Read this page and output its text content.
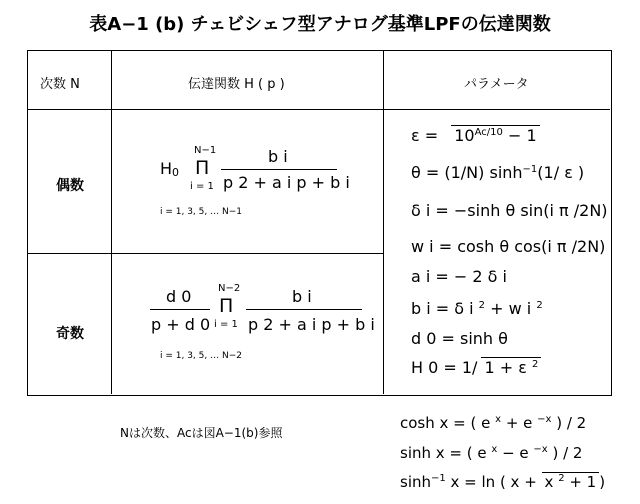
表A−1 (b) チェビシェフ型アナログ基準LPFの伝達関数
次数 N	伝達関数 H ( p )	パラメータ
偶数
奇数
$H_0$
N−1
Π
i = 1
b i
p 2 + a i p + b i
i = 1, 3, 5, … N−1
d 0
p + d 0
N−2
Π
i = 1
b i
p 2 + a i p + b i
i = 1, 3, 5, … N−2
$\varepsilon = 10^{Ac/10} - 1$
θ = (1/N) $\sinh^{-1}(1/$ ε )
δ i = −sinh θ sin(i π /2N)
w i = cosh θ cos(i π /2N)
a i = − 2 δ i
b i = δ i $^2$ + w i $^2$
d 0 = sinh θ
H 0 = 1/ 1 + ε $^2$
Nは次数、Acは図A−1(b)参照
cosh x = ( e $^x$ + e $^{-x}$ ) / 2
sinh x = ( e $^x$ − e $^{-x}$ ) / 2
$\sinh^{-1} x = \ln$ ( x + x $^2$ + 1)
